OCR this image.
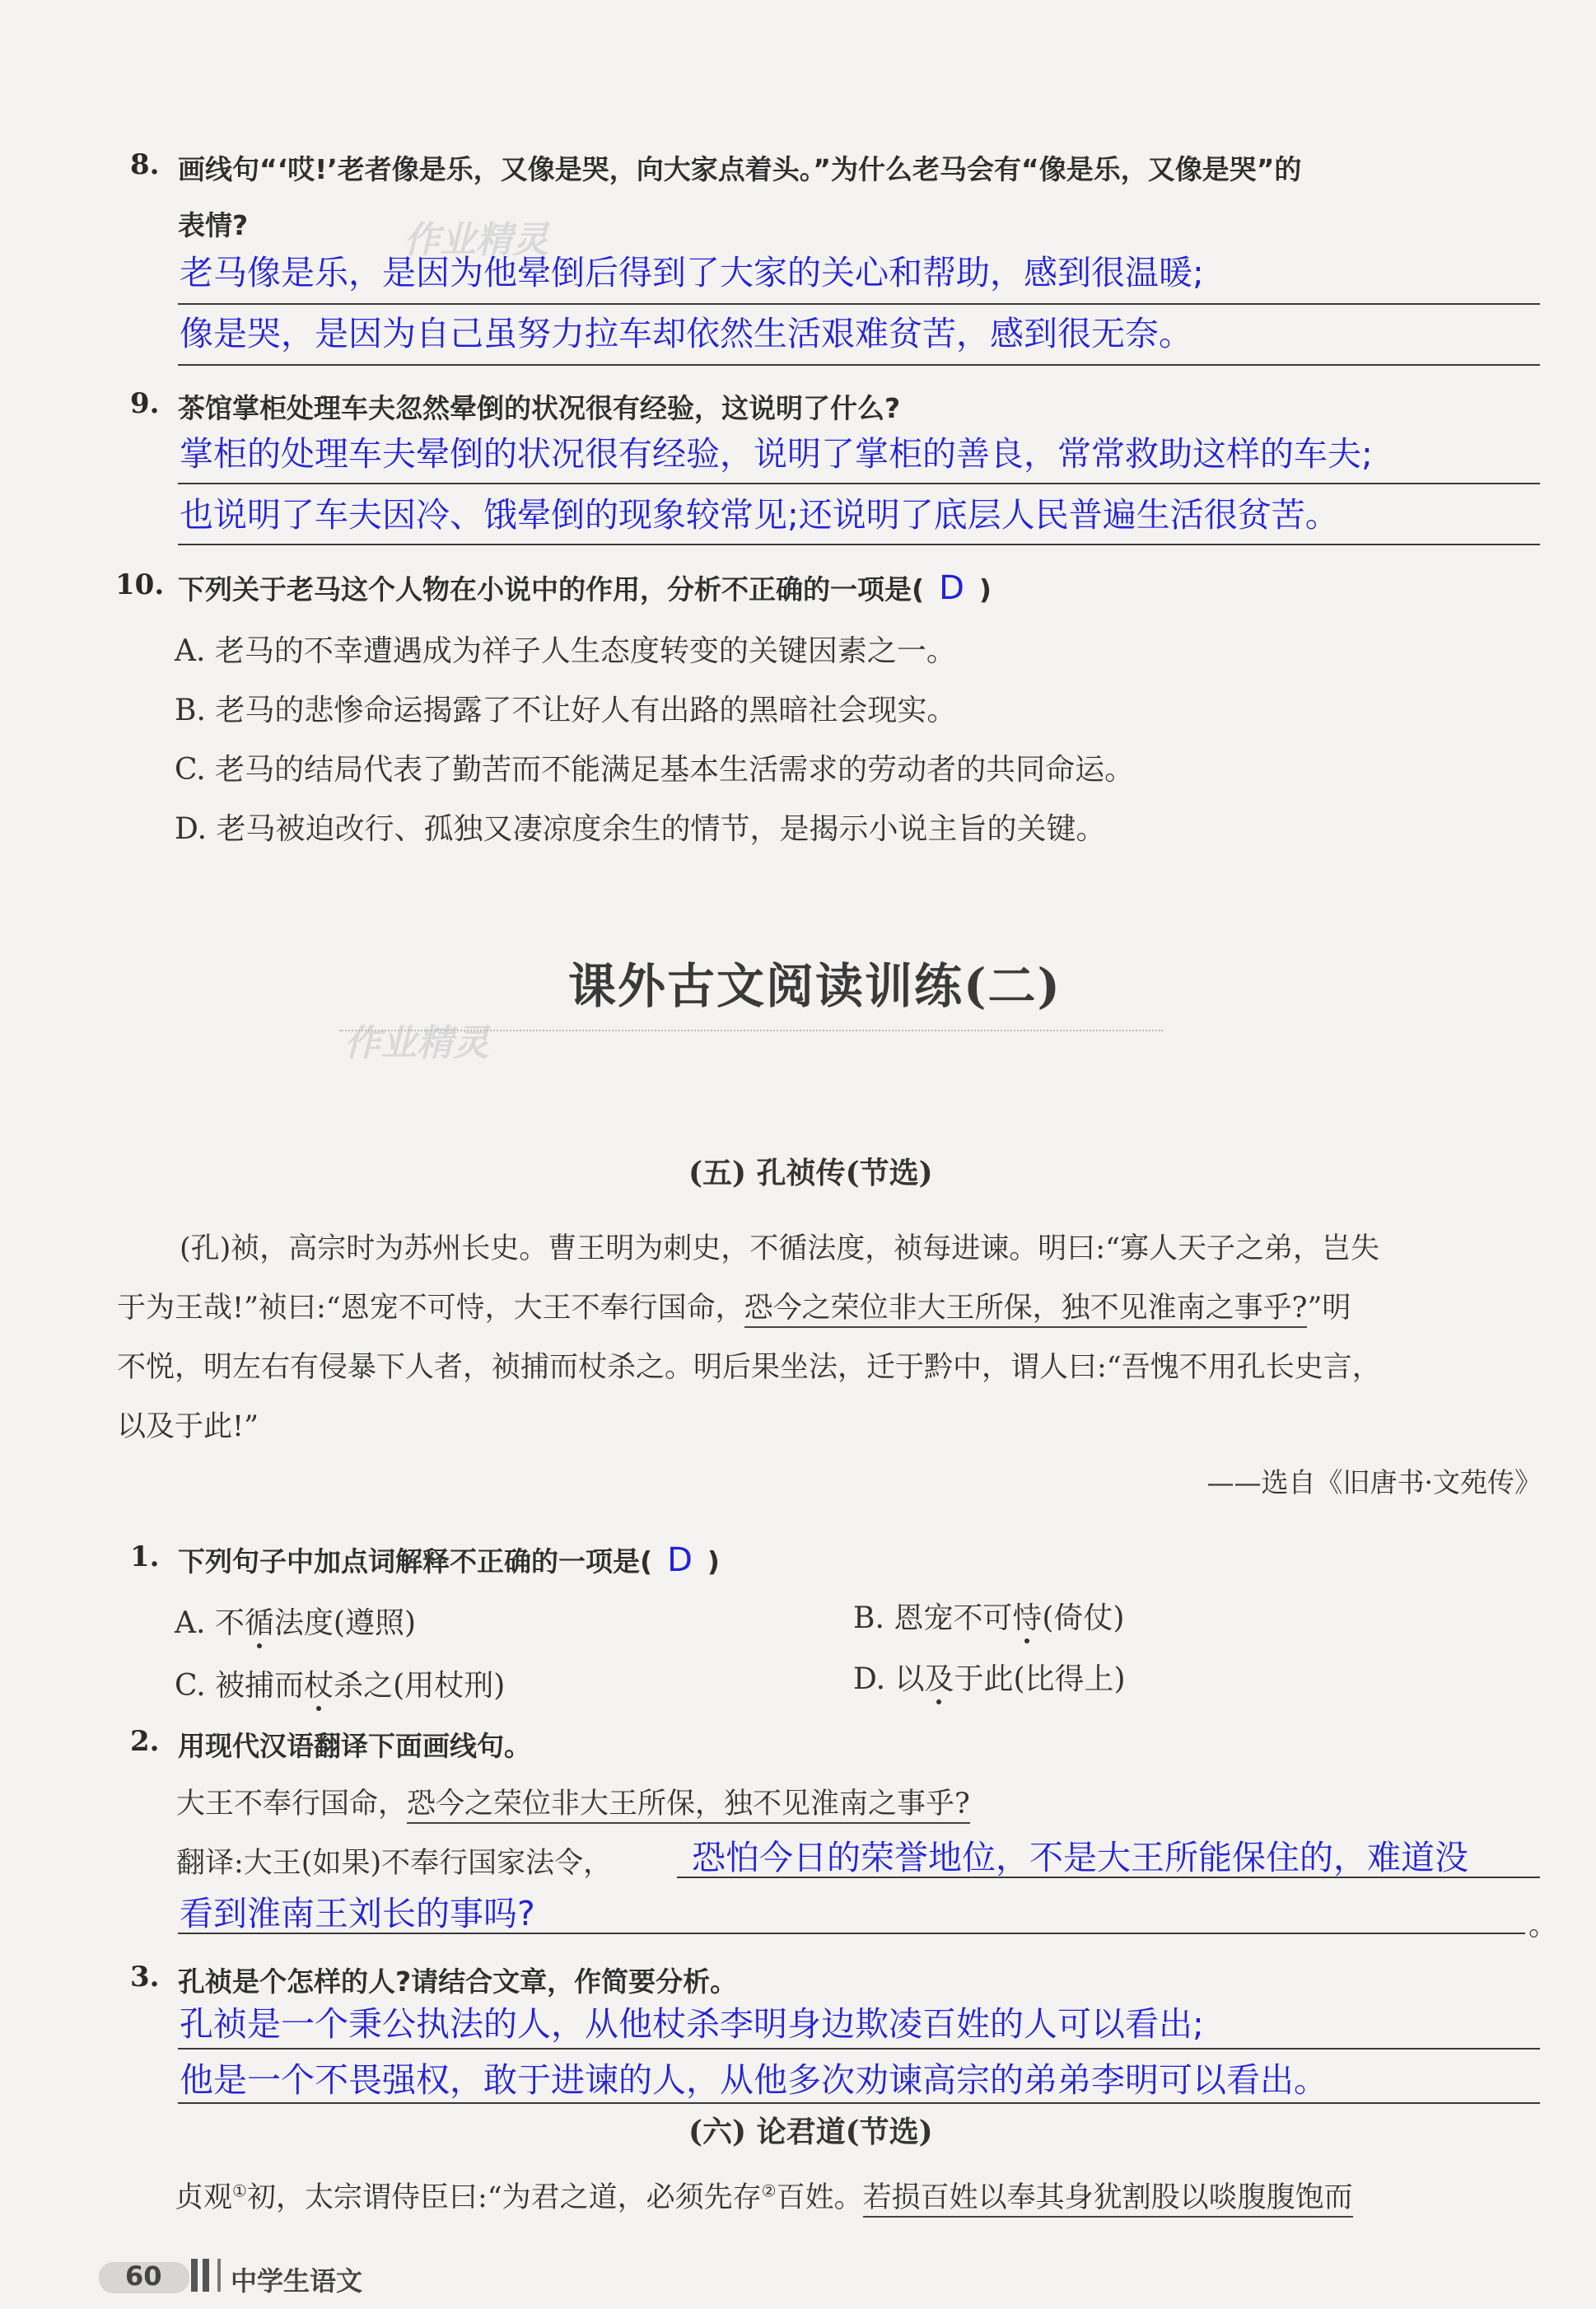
作业精灵
作业精灵
8. 画线句“‘哎!’老者像是乐，又像是哭，向大家点着头。”为什么老马会有“像是乐，又像是哭”的
表情?
老马像是乐，是因为他晕倒后得到了大家的关心和帮助，感到很温暖;
像是哭，是因为自己虽努力拉车却依然生活艰难贫苦，感到很无奈。
9. 茶馆掌柜处理车夫忽然晕倒的状况很有经验，这说明了什么?
掌柜的处理车夫晕倒的状况很有经验，说明了掌柜的善良，常常救助这样的车夫;
也说明了车夫因冷、饿晕倒的现象较常见;还说明了底层人民普遍生活很贫苦。
10. 下列关于老马这个人物在小说中的作用，分析不正确的一项是( D )
A. 老马的不幸遭遇成为祥子人生态度转变的关键因素之一。
B. 老马的悲惨命运揭露了不让好人有出路的黑暗社会现实。
C. 老马的结局代表了勤苦而不能满足基本生活需求的劳动者的共同命运。
D. 老马被迫改行、孤独又凄凉度余生的情节，是揭示小说主旨的关键。
课外古文阅读训练(二)
(五) 孔祯传(节选)
(孔)祯，高宗时为苏州长史。曹王明为刺史，不循法度，祯每进谏。明曰:“寡人天子之弟，岂失
于为王哉!”祯曰:“恩宠不可恃，大王不奉行国命，恐今之荣位非大王所保，独不见淮南之事乎?”明
不悦，明左右有侵暴下人者，祯捕而杖杀之。明后果坐法，迁于黔中，谓人曰:“吾愧不用孔长史言，
以及于此!”
——选自《旧唐书·文苑传》
1. 下列句子中加点词解释不正确的一项是( D )
A. 不循法度(遵照)	B. 恩宠不可恃(倚仗)
C. 被捕而杖杀之(用杖刑)	D. 以及于此(比得上)
2. 用现代汉语翻译下面画线句。
大王不奉行国命，恐今之荣位非大王所保，独不见淮南之事乎?
翻译:大王(如果)不奉行国家法令， 恐怕今日的荣誉地位，不是大王所能保住的，难道没
看到淮南王刘长的事吗?	。
3. 孔祯是个怎样的人?请结合文章，作简要分析。
孔祯是一个秉公执法的人，从他杖杀李明身边欺凌百姓的人可以看出;
他是一个不畏强权，敢于进谏的人，从他多次劝谏高宗的弟弟李明可以看出。
(六) 论君道(节选)
贞观①初，太宗谓侍臣曰:“为君之道，必须先存②百姓。若损百姓以奉其身犹割股以啖腹腹饱而
60	中学生语文
